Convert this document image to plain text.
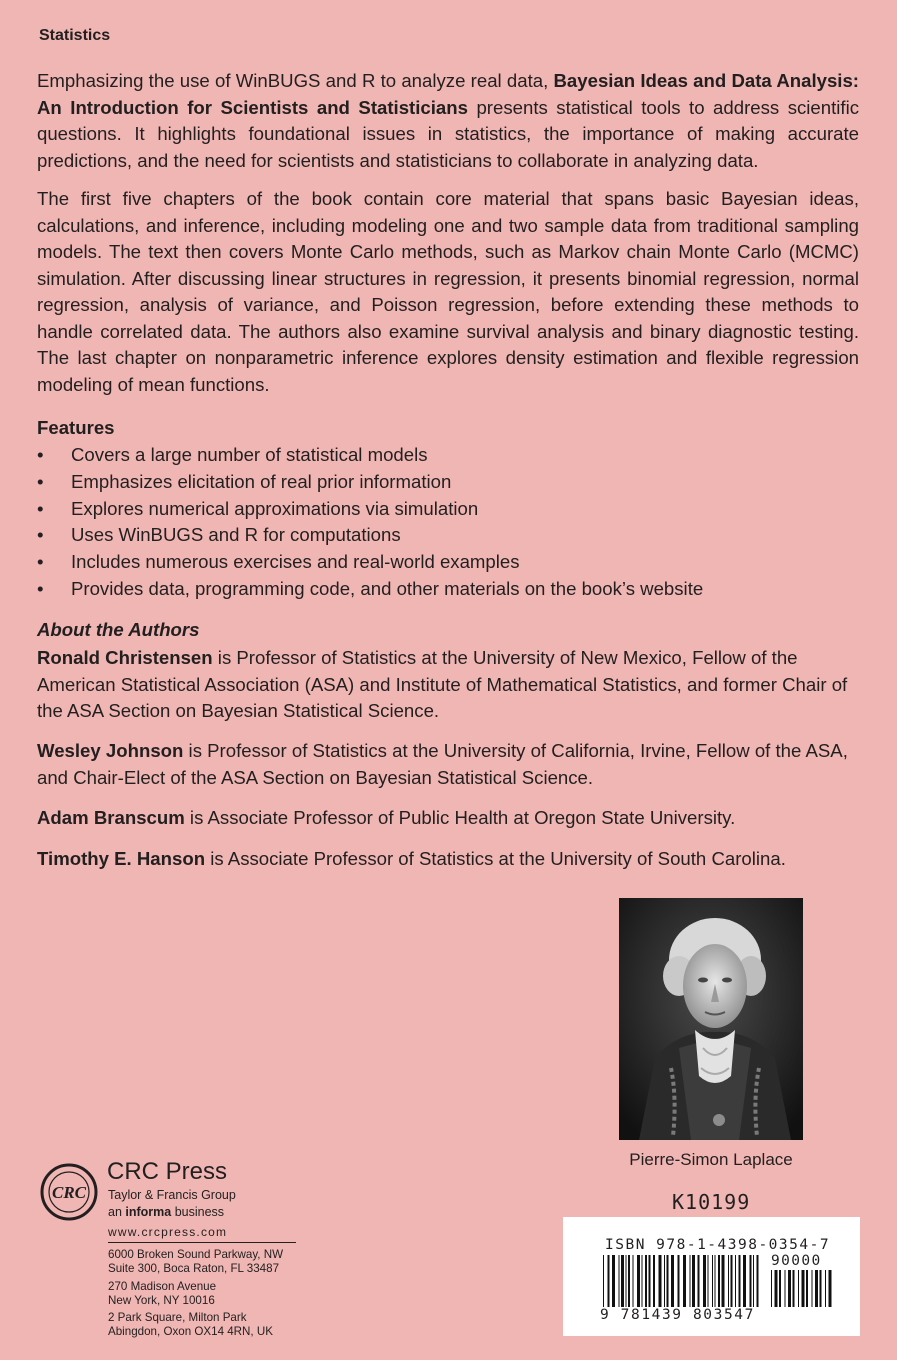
Statistics

Emphasizing the use of WinBUGS and R to analyze real data, Bayesian Ideas and Data Analysis: An Introduction for Scientists and Statisticians presents statistical tools to address scientific questions. It highlights foundational issues in statistics, the importance of making accurate predictions, and the need for scientists and statisticians to collaborate in analyzing data.

The first five chapters of the book contain core material that spans basic Bayesian ideas, calculations, and inference, including modeling one and two sample data from traditional sampling models. The text then covers Monte Carlo methods, such as Markov chain Monte Carlo (MCMC) simulation. After discussing linear structures in regression, it presents binomial regression, normal regression, analysis of variance, and Poisson regression, before extending these methods to handle correlated data. The authors also examine survival analysis and binary diagnostic testing. The last chapter on nonparametric inference explores density estimation and flexible regression modeling of mean functions.

Features
• Covers a large number of statistical models
• Emphasizes elicitation of real prior information
• Explores numerical approximations via simulation
• Uses WinBUGS and R for computations
• Includes numerous exercises and real-world examples
• Provides data, programming code, and other materials on the book’s website
About the Authors

Ronald Christensen is Professor of Statistics at the University of New Mexico, Fellow of the American Statistical Association (ASA) and Institute of Mathematical Statistics, and former Chair of the ASA Section on Bayesian Statistical Science.

Wesley Johnson is Professor of Statistics at the University of California, Irvine, Fellow of the ASA, and Chair-Elect of the ASA Section on Bayesian Statistical Science.

Adam Branscum is Associate Professor of Public Health at Oregon State University.

Timothy E. Hanson is Associate Professor of Statistics at the University of South Carolina.

Pierre-Simon Laplace
CRC
CRC Press
Taylor & Francis Group
an informa business
www.crcpress.com
6000 Broken Sound Parkway, NW
Suite 300, Boca Raton, FL 33487
270 Madison Avenue
New York, NY 10016
2 Park Square, Milton Park
Abingdon, Oxon OX14 4RN, UK
K10199
ISBN 978-1-4398-0354-7
90000
9 781439 803547
